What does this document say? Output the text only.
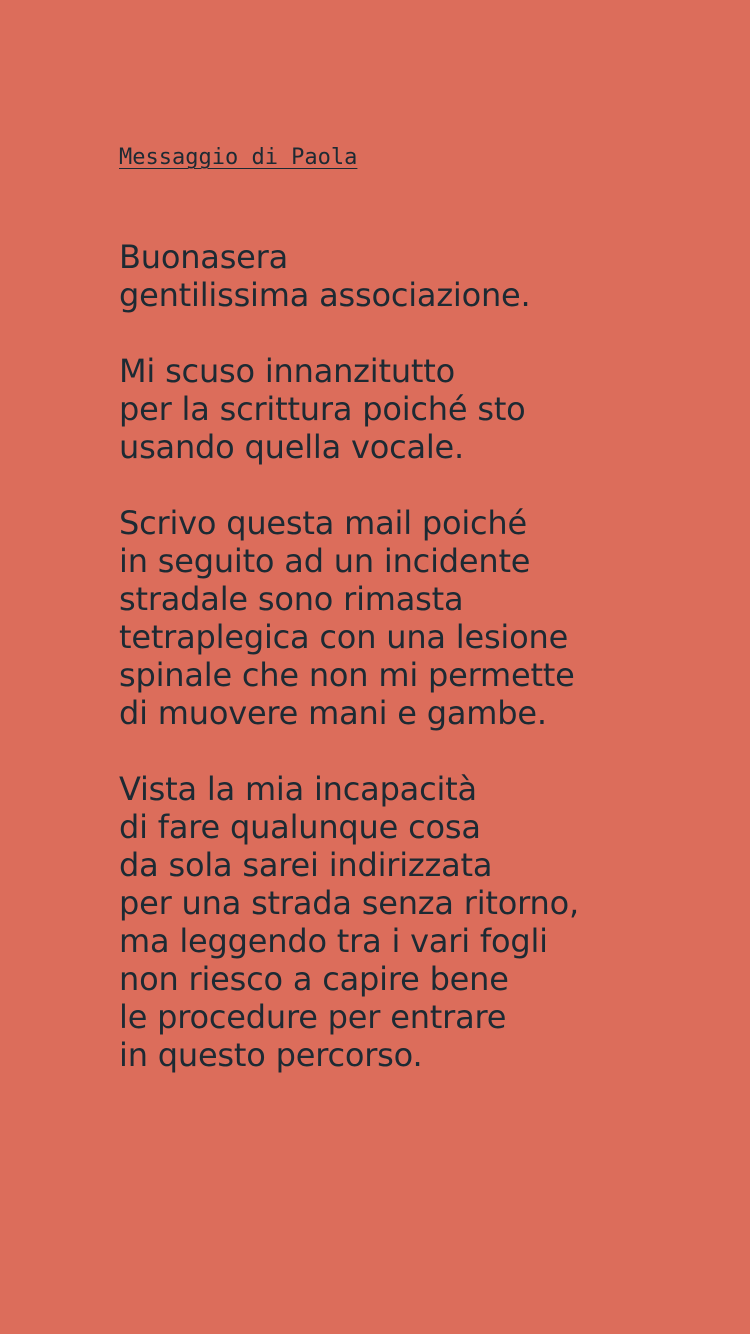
Messaggio di Paola
Buonasera
gentilissima associazione.
Mi scuso innanzitutto
per la scrittura poiché sto
usando quella vocale.
Scrivo questa mail poiché
in seguito ad un incidente
stradale sono rimasta
tetraplegica con una lesione
spinale che non mi permette
di muovere mani e gambe.
Vista la mia incapacità
di fare qualunque cosa
da sola sarei indirizzata
per una strada senza ritorno,
ma leggendo tra i vari fogli
non riesco a capire bene
le procedure per entrare
in questo percorso.
